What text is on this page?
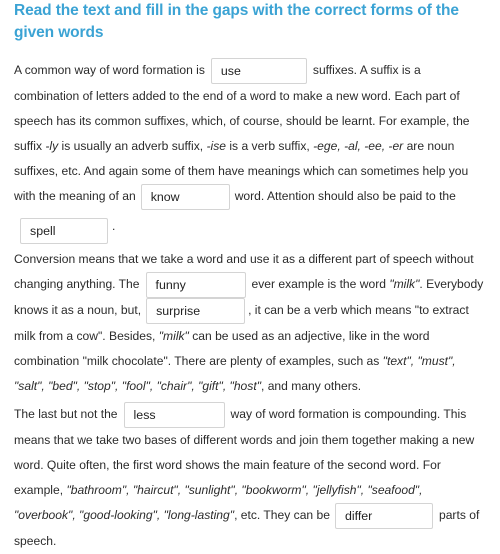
Read the text and fill in the gaps with the correct forms of the given words

A common way of word formation is use	suffixes. A suffix is a combination of letters added to the end of a word to make a new word. Each part of speech has its common suffixes, which, of course, should be learnt. For example, the suffix -ly is usually an adverb suffix, -ise is a verb suffix, -ege, -al, -ee, -er are noun suffixes, etc. And again some of them have meanings which can sometimes help you with the meaning of an know	word. Attention should also be paid to the
spell	.

Conversion means that we take a word and use it as a different part of speech without changing anything. The funny	ever example is the word "milk". Everybody knows it as a noun, but, surprise	, it can be a verb which means "to extract milk from a cow". Besides, "milk" can be used as an adjective, like in the word combination "milk chocolate". There are plenty of examples, such as "text", "must", "salt", "bed", "stop", "fool", "chair", "gift", "host", and many others.

The last but not the less	way of word formation is compounding. This means that we take two bases of different words and join them together making a new word. Quite often, the first word shows the main feature of the second word. For example, "bathroom", "haircut", "sunlight", "bookworm", "jellyfish", "seafood", "overbook", "good-looking", "long-lasting", etc. They can be differ	parts of speech.
